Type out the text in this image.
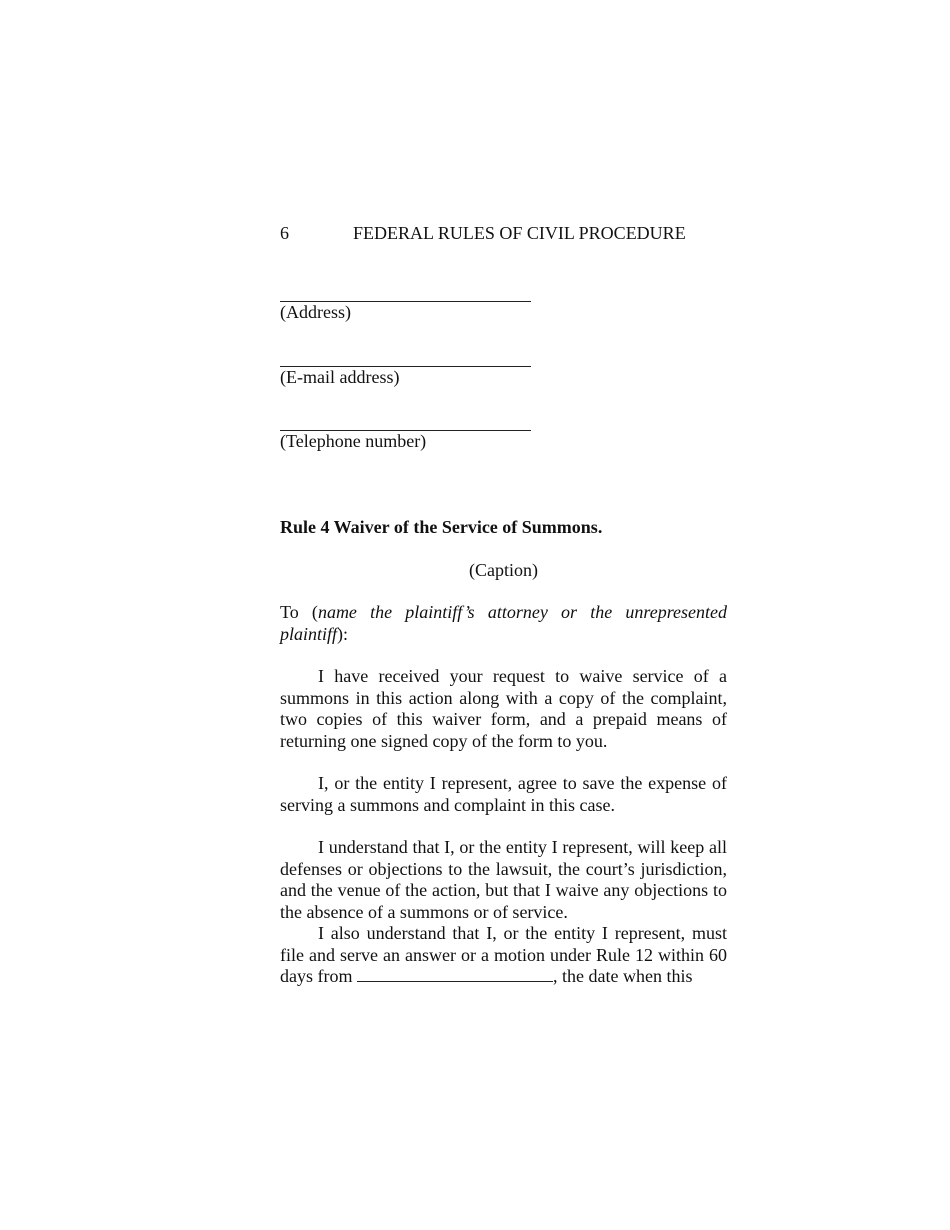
6	FEDERAL RULES OF CIVIL PROCEDURE
(Address)
(E-mail address)
(Telephone number)
Rule 4 Waiver of the Service of Summons.
(Caption)
To (name the plaintiff’s attorney or the unrepresented plaintiff):
I have received your request to waive service of a summons in this action along with a copy of the complaint, two copies of this waiver form, and a prepaid means of returning one signed copy of the form to you.
I, or the entity I represent, agree to save the expense of serving a summons and complaint in this case.
I understand that I, or the entity I represent, will keep all defenses or objections to the lawsuit, the court’s jurisdiction, and the venue of the action, but that I waive any objections to the absence of a summons or of service.
I also understand that I, or the entity I represent, must file and serve an answer or a motion under Rule 12 within 60 days from	, the date when this
